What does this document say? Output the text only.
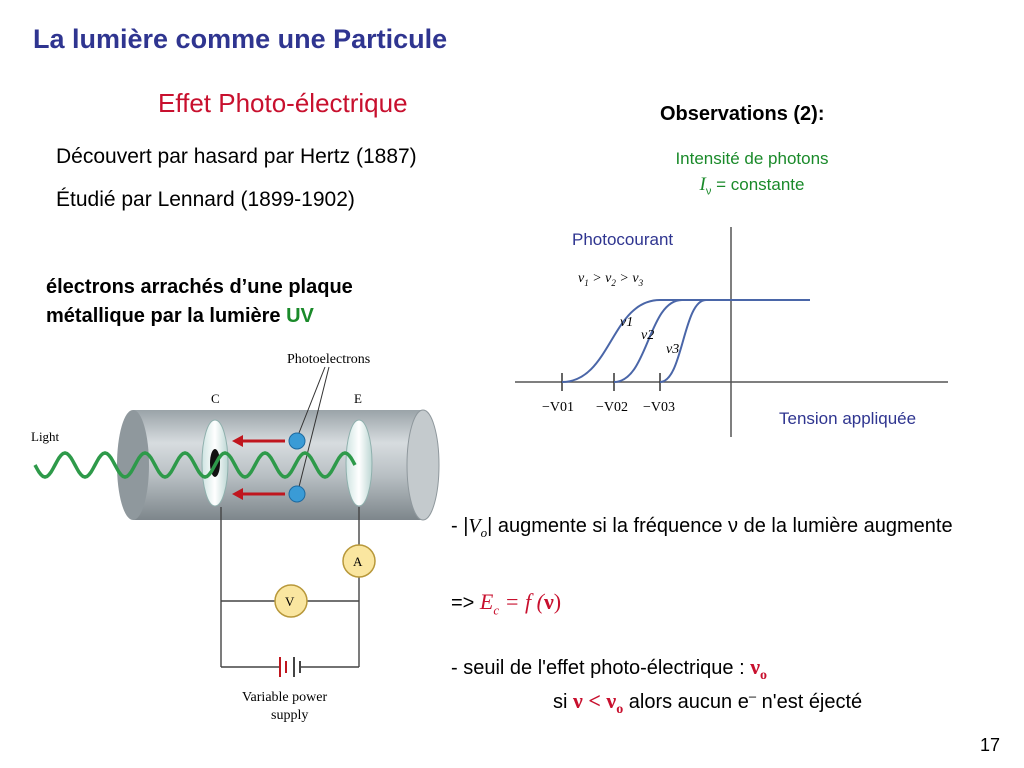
La lumière comme une Particule
Effet Photo-électrique
Découvert par hasard par Hertz (1887)
Étudié par Lennard (1899-1902)
électrons arrachés d’une plaque métallique par la lumière UV
Observations (2):
Intensité de photons
$I_\nu$ = constante
$\nu_1 > \nu_2 > \nu_3$
ν1
ν2
ν3
−V01 −V02 −V03
Photocourant
Tension appliquée
Photoelectrons
C	E
Light
A
V
Variable power
supply
- $|V_o|$ augmente si la fréquence ν de la lumière augmente
=> $E_c = f$ (ν)
- seuil de l'effet photo-électrique : $\nu_o$
si $\nu < \nu_o$ alors aucun e– n'est éjecté
17
